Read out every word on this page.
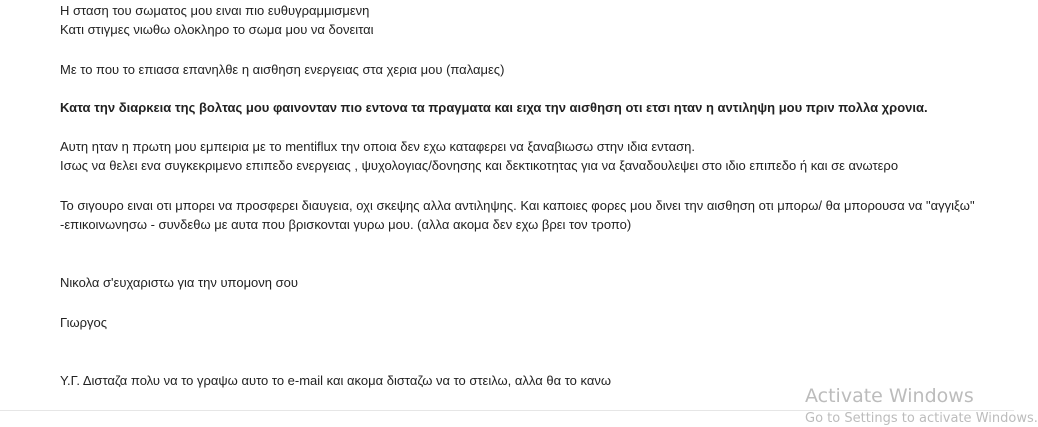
Η σταση του σωματος μου ειναι πιο ευθυγραμμισμενη
Κατι στιγμες νιωθω ολοκληρο το σωμα μου να δονειται
Με το που το επιασα επανηλθε η αισθηση ενεργειας στα χερια μου (παλαμες)
Κατα την διαρκεια της βολτας μου φαινονταν πιο εντονα τα πραγματα και ειχα την αισθηση οτι ετσι ηταν η αντιληψη μου πριν πολλα χρονια.
Αυτη ηταν η πρωτη μου εμπειρια με το mentiflux την οποια δεν εχω καταφερει να ξαναβιωσω στην ιδια ενταση.
Ισως να θελει ενα συγκεκριμενο επιπεδο ενεργειας , ψυχολογιας/δονησης και δεκτικοτητας για να ξαναδουλεψει στο ιδιο επιπεδο ή και σε ανωτερο
Το σιγουρο ειναι οτι μπορει να προσφερει διαυγεια, οχι σκεψης αλλα αντιληψης. Και καποιες φορες μου δινει την αισθηση οτι μπορω/ θα μπορουσα να "αγγιξω"
-επικοινωνησω - συνδεθω με αυτα που βρισκονται γυρω μου. (αλλα ακομα δεν εχω βρει τον τροπο)
Νικολα σ'ευχαριστω για την υπομονη σου
Γιωργος
Υ.Γ. Δισταζα πολυ να το γραψω αυτο το e-mail και ακομα δισταζω να το στειλω, αλλα θα το κανω
Activate Windows
Go to Settings to activate Windows.
